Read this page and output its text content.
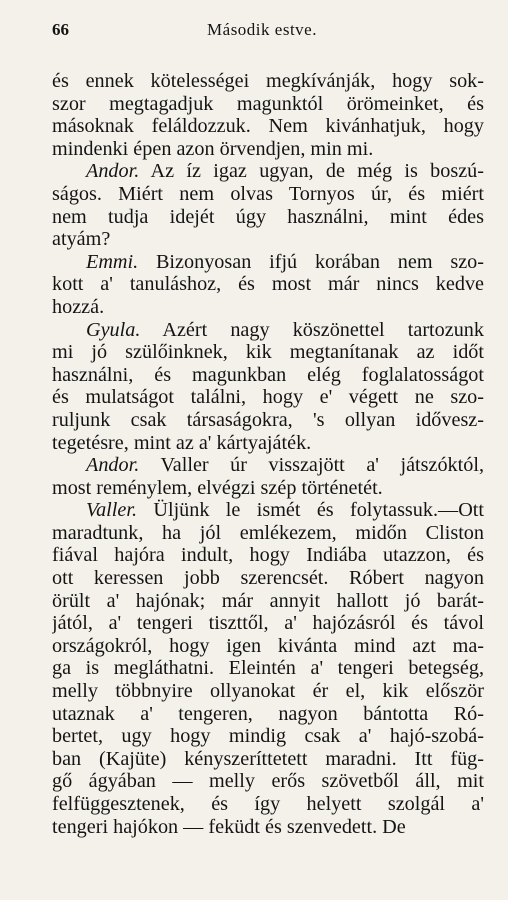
66	Második estve.
és ennek kötelességei megkívánják, hogy sok-
szor megtagadjuk magunktól örömeinket, és
másoknak feláldozzuk. Nem kivánhatjuk, hogy
mindenki épen azon örvendjen, min mi.
Andor. Az íz igaz ugyan, de még is boszú-
ságos. Miért nem olvas Tornyos úr, és miért
nem tudja idejét úgy használni, mint édes
atyám?
Emmi. Bizonyosan ifjú korában nem szo-
kott a' tanuláshoz, és most már nincs kedve
hozzá.
Gyula. Azért nagy köszönettel tartozunk
mi jó szülőinknek, kik megtanítanak az időt
használni, és magunkban elég foglalatosságot
és mulatságot találni, hogy e' végett ne szo-
ruljunk csak társaságokra, 's ollyan idővesz-
tegetésre, mint az a' kártyajáték.
Andor. Valler úr visszajött a' játszóktól,
most reménylem, elvégzi szép történetét.
Valler. Üljünk le ismét és folytassuk.—Ott
maradtunk, ha jól emlékezem, midőn Cliston
fiával hajóra indult, hogy Indiába utazzon, és
ott keressen jobb szerencsét. Róbert nagyon
örült a' hajónak; már annyit hallott jó barát-
jától, a' tengeri tiszttől, a' hajózásról és távol
országokról, hogy igen kivánta mind azt ma-
ga is megláthatni. Eleintén a' tengeri betegség,
melly többnyire ollyanokat ér el, kik először
utaznak a' tengeren, nagyon bántotta Ró-
bertet, ugy hogy mindig csak a' hajó-szobá-
ban (Kajüte) kényszeríttetett maradni. Itt füg-
gő ágyában — melly erős szövetből áll, mit
felfüggesztenek, és így helyett szolgál a'
tengeri hajókon — feküdt és szenvedett. De
